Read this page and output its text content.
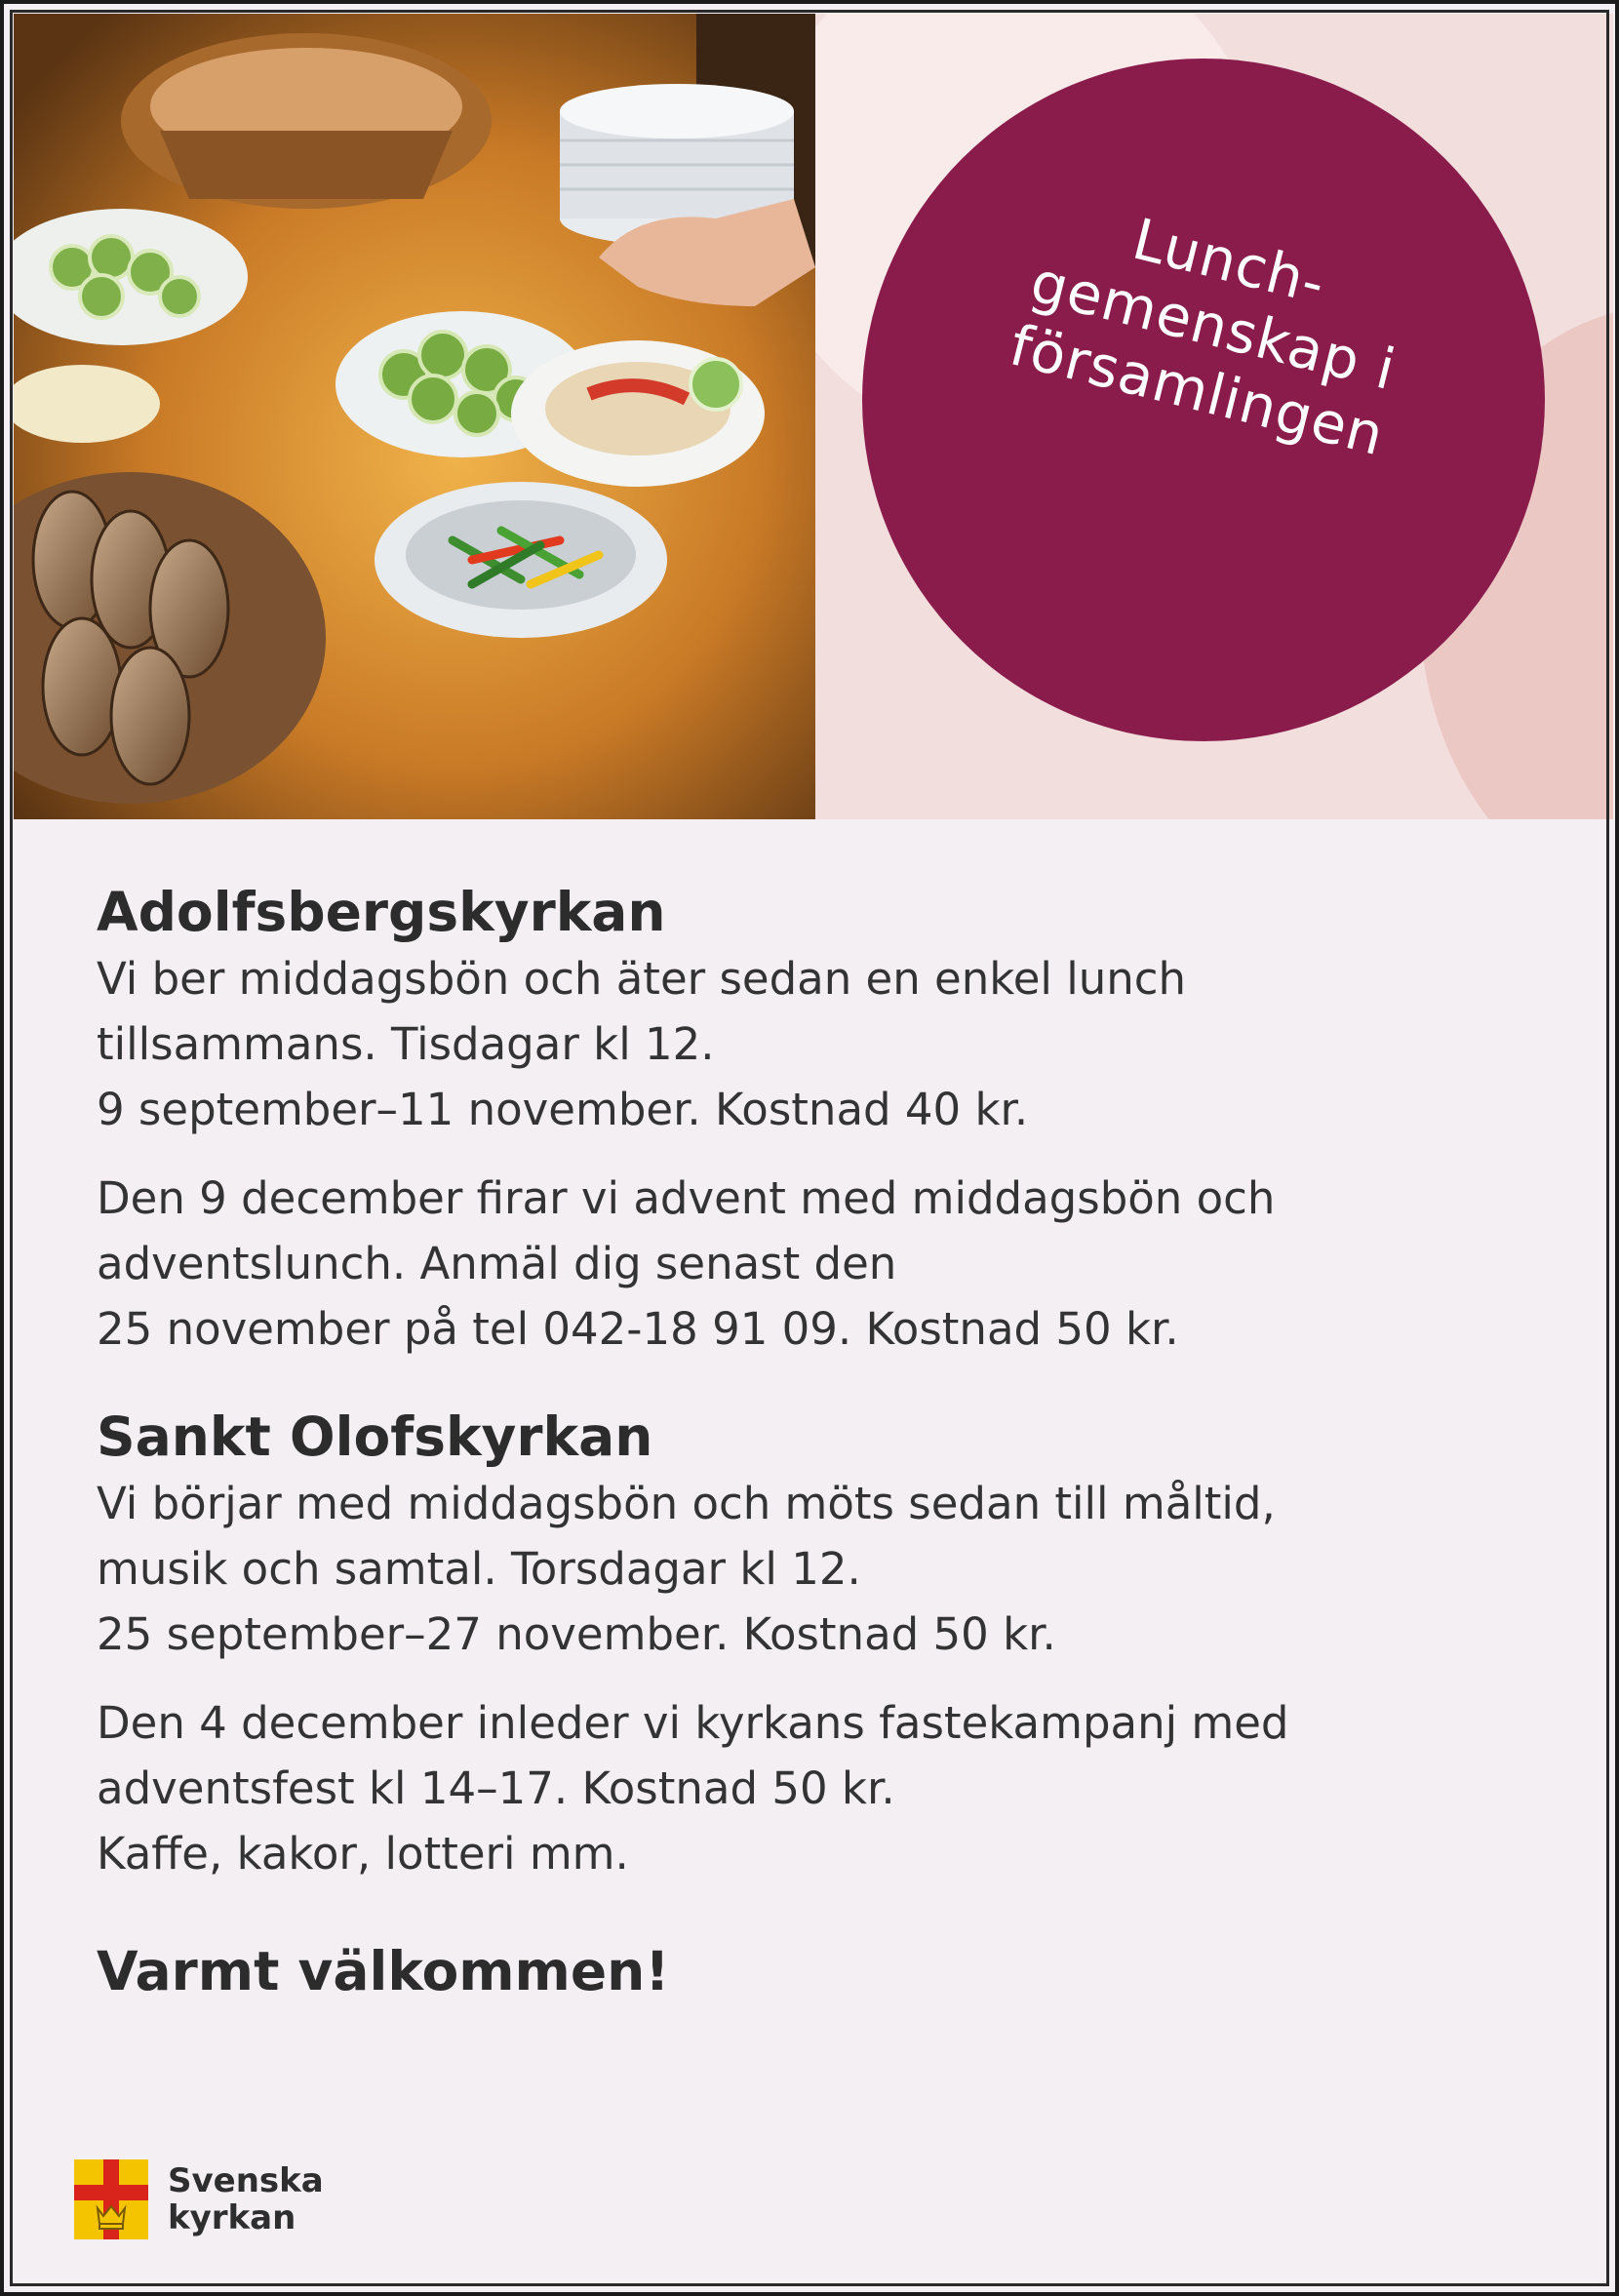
Lunch-
gemenskap i
församlingen
Adolfsbergskyrkan

Vi ber middagsbön och äter sedan en enkel lunch
tillsammans. Tisdagar kl 12.
9 september–11 november. Kostnad 40 kr.

Den 9 december firar vi advent med middagsbön och
adventslunch. Anmäl dig senast den
25 november på tel 042-18 91 09. Kostnad 50 kr.

Sankt Olofskyrkan

Vi börjar med middagsbön och möts sedan till måltid,
musik och samtal. Torsdagar kl 12.
25 september–27 november. Kostnad 50 kr.

Den 4 december inleder vi kyrkans fastekampanj med
adventsfest kl 14–17. Kostnad 50 kr.
Kaffe, kakor, lotteri mm.

Varmt välkommen!
Svenska
kyrkan
